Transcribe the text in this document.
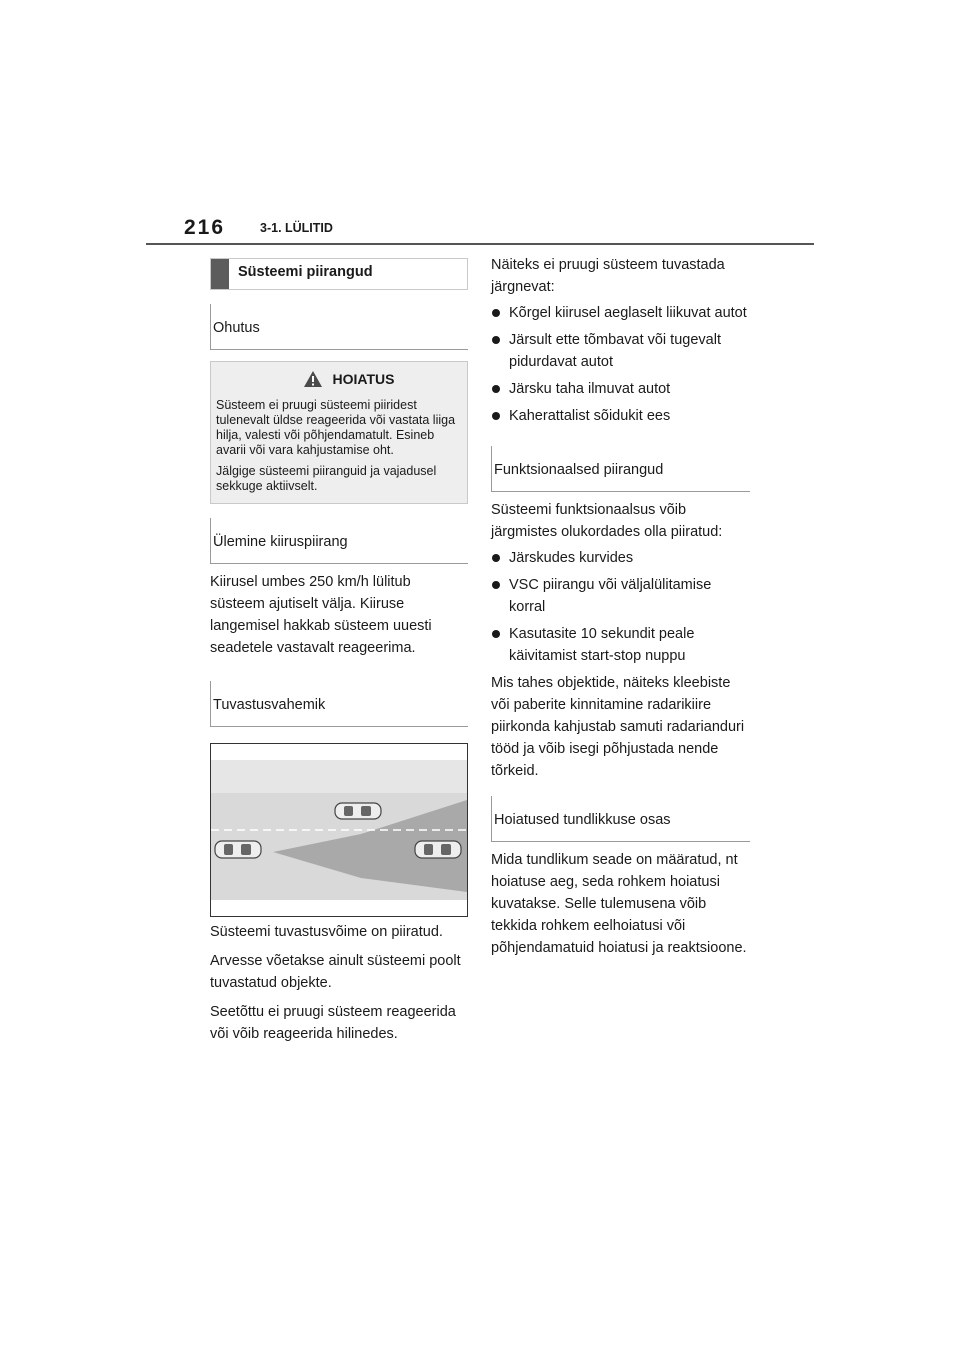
216	3-1. LÜLITID
Süsteemi piirangud
Ohutus
HOIATUS

Süsteem ei pruugi süsteemi piiridest tulenevalt üldse reageerida või vastata liiga hilja, valesti või põhjendamatult. Esineb avarii või vara kahjustamise oht.

Jälgige süsteemi piiranguid ja vajadusel sekkuge aktiivselt.

Ülemine kiiruspiirang

Kiirusel umbes 250 km/h lülitub süsteem ajutiselt välja. Kiiruse langemisel hakkab süsteem uuesti seadetele vastavalt reageerima.

Tuvastusvahemik

Süsteemi tuvastusvõime on piiratud.

Arvesse võetakse ainult süsteemi poolt tuvastatud objekte.

Seetõttu ei pruugi süsteem reageerida või võib reageerida hilinedes.

Näiteks ei pruugi süsteem tuvastada järgnevat:

Kõrgel kiirusel aeglaselt liikuvat autot
Järsult ette tõmbavat või tugevalt pidurdavat autot
Järsku taha ilmuvat autot
Kaherattalist sõidukit ees
Funktsionaalsed piirangud

Süsteemi funktsionaalsus võib järgmistes olukordades olla piiratud:

Järskudes kurvides
VSC piirangu või väljalülitamise korral
Kasutasite 10 sekundit peale käivitamist start-stop nuppu

Mis tahes objektide, näiteks kleebiste või paberite kinnitamine radarikiire piirkonda kahjustab samuti radarianduri tööd ja võib isegi põhjustada nende tõrkeid.

Hoiatused tundlikkuse osas

Mida tundlikum seade on määratud, nt hoiatuse aeg, seda rohkem hoiatusi kuvatakse. Selle tulemusena võib tekkida rohkem eelhoiatusi või põhjendamatuid hoiatusi ja reaktsioone.
